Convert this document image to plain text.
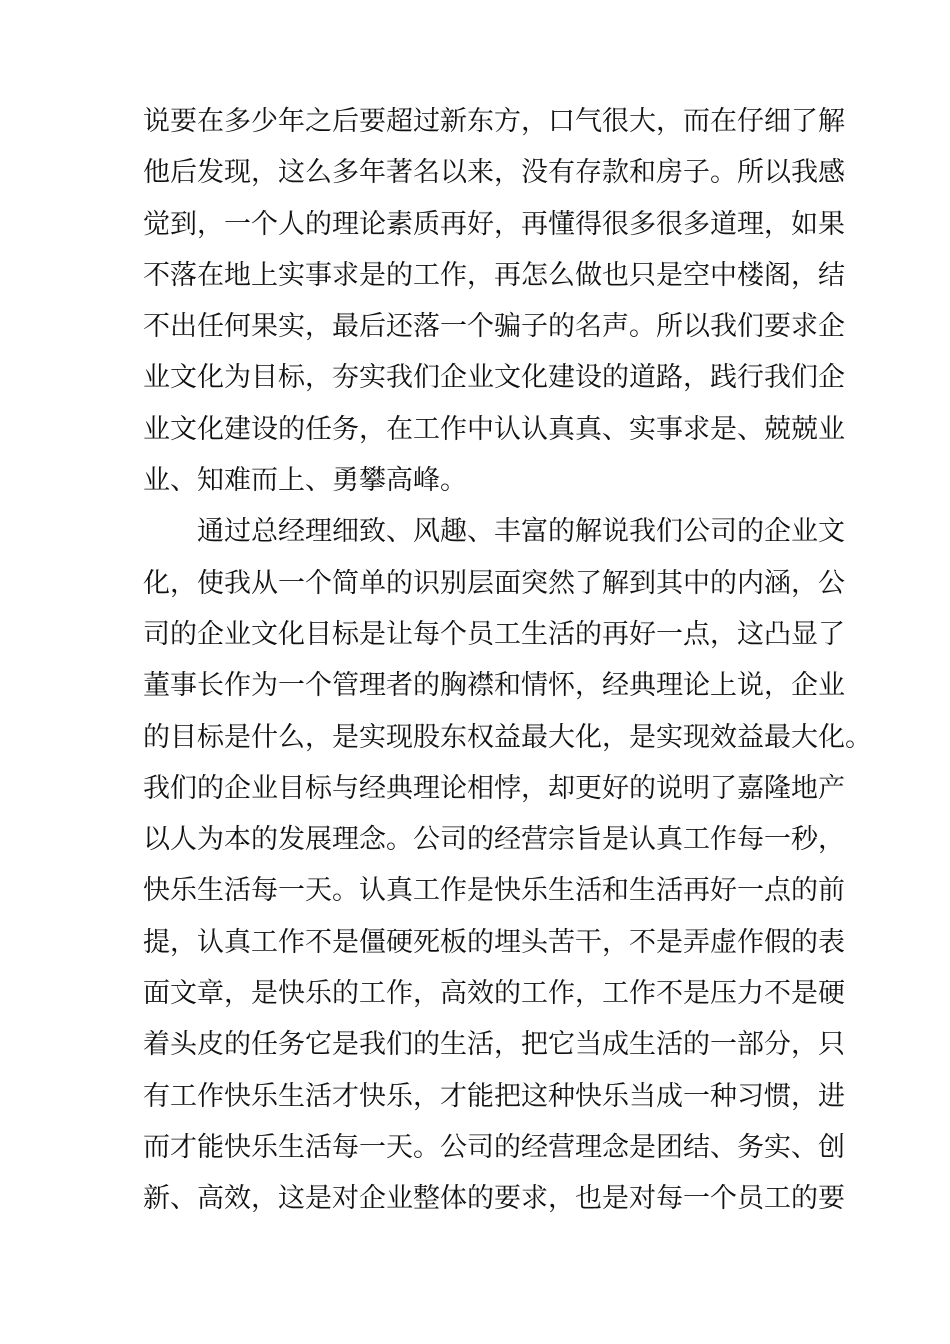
说要在多少年之后要超过新东方，口气很大，而在仔细了解
他后发现，这么多年著名以来，没有存款和房子。所以我感
觉到，一个人的理论素质再好，再懂得很多很多道理，如果
不落在地上实事求是的工作，再怎么做也只是空中楼阁，结
不出任何果实，最后还落一个骗子的名声。所以我们要求企
业文化为目标，夯实我们企业文化建设的道路，践行我们企
业文化建设的任务，在工作中认认真真、实事求是、兢兢业
业、知难而上、勇攀高峰。
通过总经理细致、风趣、丰富的解说我们公司的企业文
化，使我从一个简单的识别层面突然了解到其中的内涵，公
司的企业文化目标是让每个员工生活的再好一点，这凸显了
董事长作为一个管理者的胸襟和情怀，经典理论上说，企业
的目标是什么，是实现股东权益最大化，是实现效益最大化。
我们的企业目标与经典理论相悖，却更好的说明了嘉隆地产
以人为本的发展理念。公司的经营宗旨是认真工作每一秒，
快乐生活每一天。认真工作是快乐生活和生活再好一点的前
提，认真工作不是僵硬死板的埋头苦干，不是弄虚作假的表
面文章，是快乐的工作，高效的工作，工作不是压力不是硬
着头皮的任务它是我们的生活，把它当成生活的一部分，只
有工作快乐生活才快乐，才能把这种快乐当成一种习惯，进
而才能快乐生活每一天。公司的经营理念是团结、务实、创
新、高效，这是对企业整体的要求，也是对每一个员工的要
